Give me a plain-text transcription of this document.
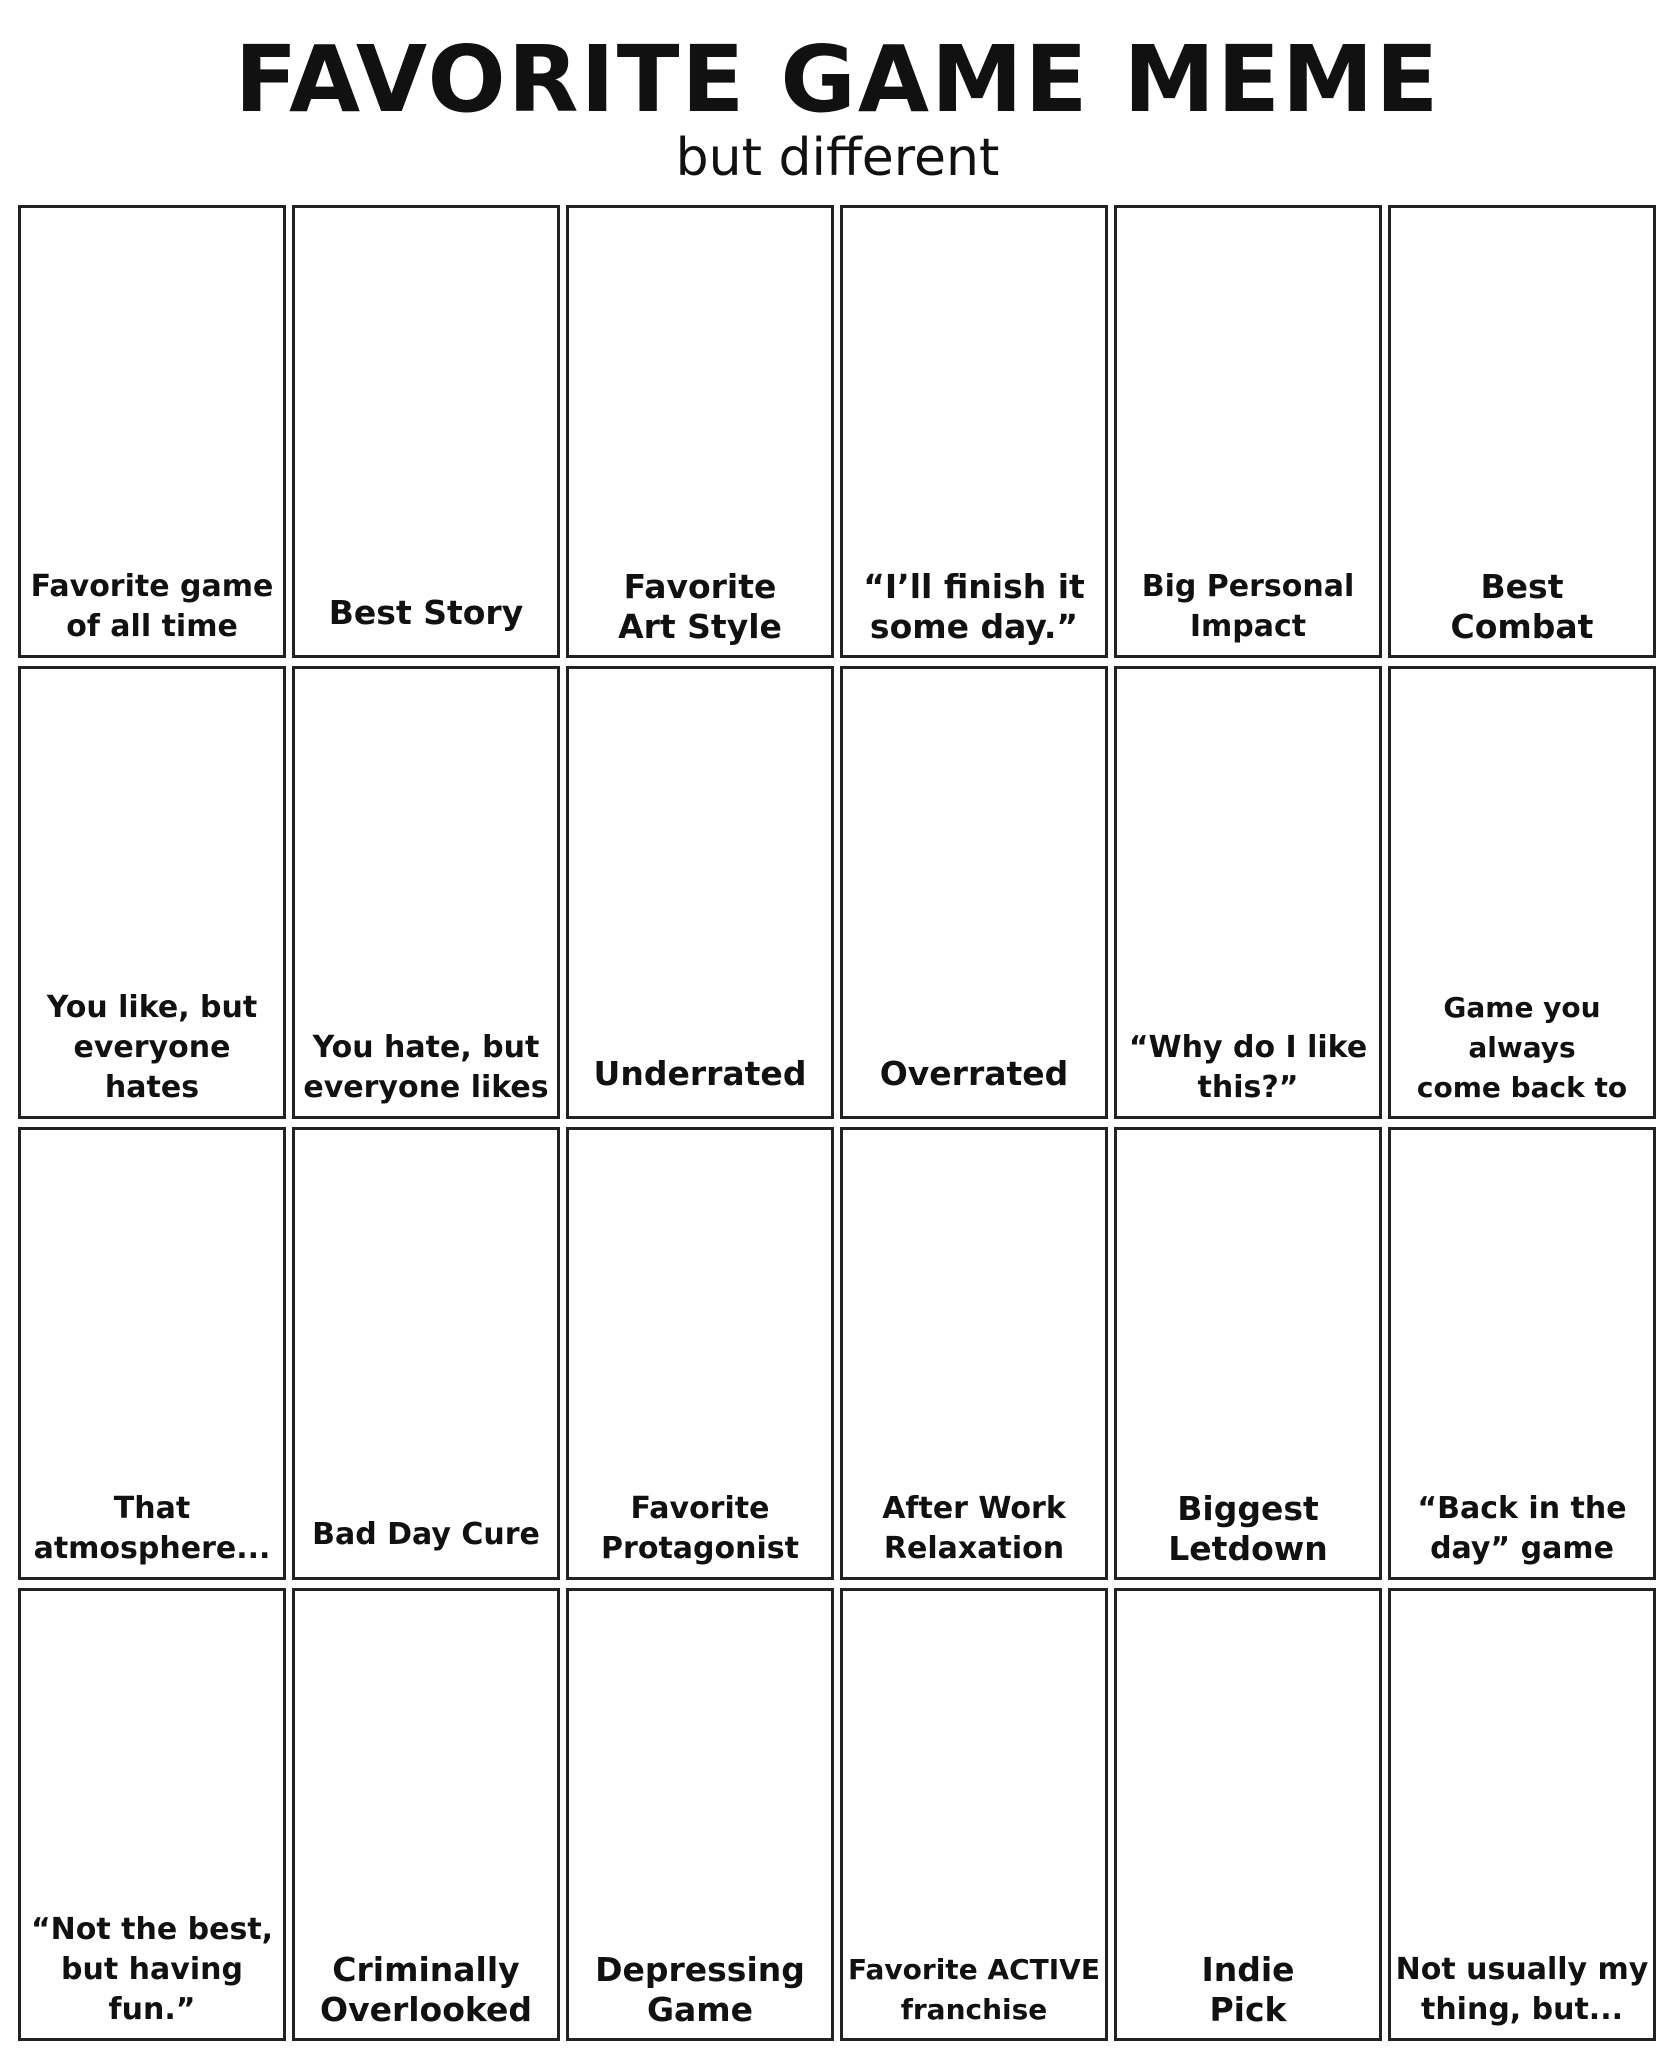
FAVORITE GAME MEME
but different
Favorite game
of all time	Best Story
Favorite
Art Style
“I’ll finish it
some day.”
Big Personal
Impact
Best
Combat
You like, but
everyone hates
You hate, but
everyone likes	Underrated	Overrated
“Why do I like
this?”
Game you always
come back to
That
atmosphere...	Bad Day Cure
Favorite
Protagonist
After Work
Relaxation
Biggest
Letdown
“Back in the
day” game
“Not the best,
but having fun.”
Criminally
Overlooked
Depressing
Game
Favorite ACTIVE
franchise
Indie
Pick
Not usually my
thing, but...
